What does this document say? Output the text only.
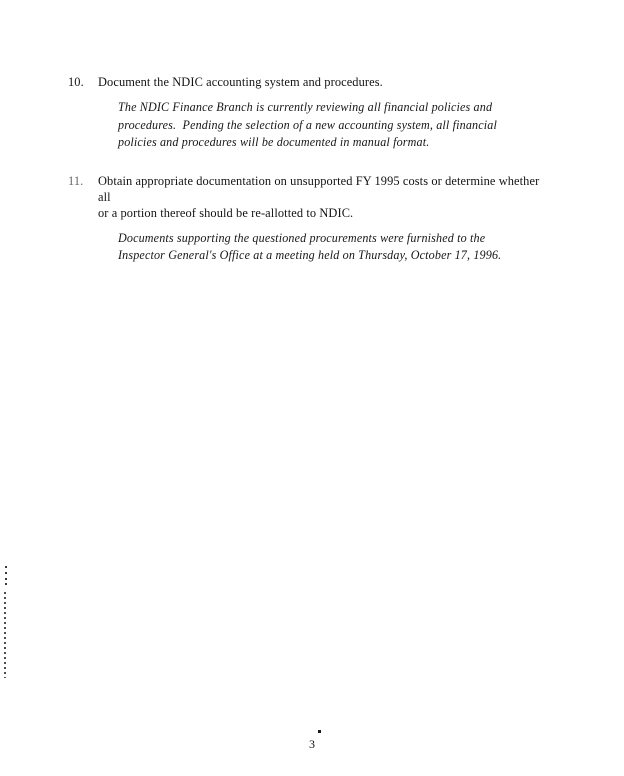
10. Document the NDIC accounting system and procedures.
The NDIC Finance Branch is currently reviewing all financial policies and
procedures.  Pending the selection of a new accounting system, all financial
policies and procedures will be documented in manual format.
11. Obtain appropriate documentation on unsupported FY 1995 costs or determine whether all
or a portion thereof should be re-allotted to NDIC.
Documents supporting the questioned procurements were furnished to the
Inspector General's Office at a meeting held on Thursday, October 17, 1996.
3
